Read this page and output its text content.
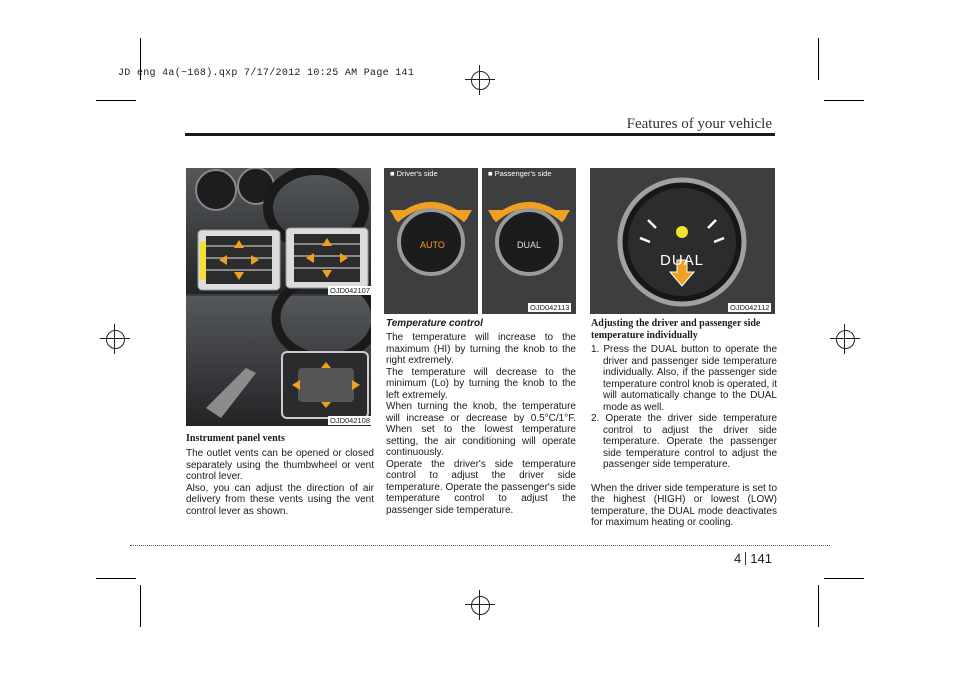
JD eng 4a(~168).qxp 7/17/2012 10:25 AM Page 141
Features of your vehicle
OJD042107
OJD042108
■ Driver's side	■ Passenger's side
AUTO	DUAL
OJD042113
DUAL
OJD042112
Instrument panel vents

The outlet vents can be opened or closed separately using the thumbwheel or vent control lever.

Also, you can adjust the direction of air delivery from these vents using the vent control lever as shown.

Temperature control

The temperature will increase to the maximum (HI) by turning the knob to the right extremely.

The temperature will decrease to the minimum (Lo) by turning the knob to the left extremely.

When turning the knob, the temperature will increase or decrease by 0.5°C/1°F. When set to the lowest temperature setting, the air conditioning will operate continuously.

Operate the driver's side temperature control to adjust the driver side temperature. Operate the passenger's side temperature control to adjust the passenger side temperature.

Adjusting the driver and passenger side
temperature individually
1. Press the DUAL button to operate the driver and passenger side temperature individually. Also, if the passenger side temperature control knob is operated, it will automatically change to the DUAL mode as well.
2. Operate the driver side temperature control to adjust the driver side temperature. Operate the passenger side temperature control to adjust the passenger side temperature.

When the driver side temperature is set to the highest (HIGH) or lowest (LOW) temperature, the DUAL mode deactivates for maximum heating or cooling.

4 141
